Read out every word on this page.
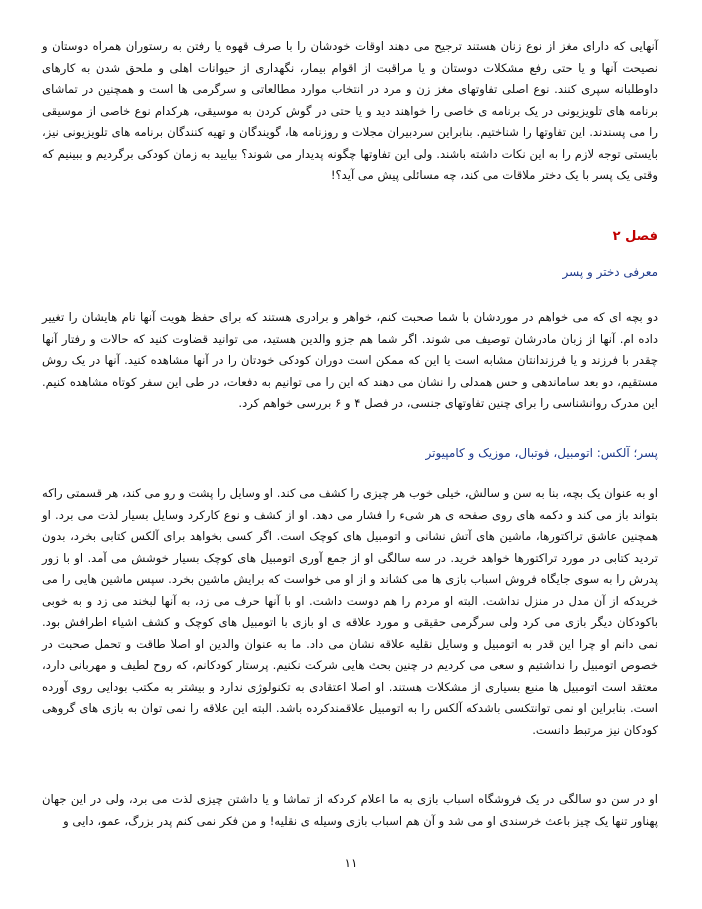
آنهایی که دارای مغز از نوع زنان هستند ترجیح می دهند اوقات خودشان را با صرف قهوه یا رفتن به رستوران همراه دوستان و نصیحت آنها و یا حتی رفع مشکلات دوستان و یا مراقبت از اقوام بیمار، نگهداری از حیوانات اهلی و ملحق شدن به کارهای داوطلبانه سپری کنند. نوع اصلی تفاوتهای مغز زن و مرد در انتخاب موارد مطالعاتی و سرگرمی ها است و همچنین در تماشای برنامه های تلویزیونی در یک برنامه ی خاصی را خواهند دید و یا حتی در گوش کردن به موسیقی، هرکدام نوع خاصی از موسیقی را می پسندند. این تفاوتها را شناختیم. بنابراین سردبیران مجلات و روزنامه ها، گویندگان و تهیه کنندگان برنامه های تلویزیونی نیز، بایستی توجه لازم را به این نکات داشته باشند. ولی این تفاوتها چگونه پدیدار می شوند؟ بیایید به زمان کودکی برگردیم و ببینیم که وقتی یک پسر با یک دختر ملاقات می کند، چه مسائلی پیش می آید؟!

فصل ۲
معرفی دختر و پسر

دو بچه ای که می خواهم در موردشان با شما صحبت کنم، خواهر و برادری هستند که برای حفظ هویت آنها نام هایشان را تغییر داده ام. آنها از زبان مادرشان توصیف می شوند. اگر شما هم جزو والدین هستید، می توانید قضاوت کنید که حالات و رفتار آنها چقدر با فرزند و یا فرزندانتان مشابه است یا این که ممکن است دوران کودکی خودتان را در آنها مشاهده کنید. آنها در یک روش مستقیم، دو بعد ساماندهی و حس همدلی را نشان می دهند که این را می توانیم به دفعات، در طی این سفر کوتاه مشاهده کنیم. این مدرک روانشناسی را برای چنین تفاوتهای جنسی، در فصل ۴ و ۶ بررسی خواهم کرد.

پسر؛ آلکس: اتومبیل، فوتبال، موزیک و کامپیوتر

او به عنوان یک بچه، بنا به سن و سالش، خیلی خوب هر چیزی را کشف می کند. او وسایل را پشت و رو می کند، هر قسمتی راکه بتواند باز می کند و دکمه های روی صفحه ی هر شیء را فشار می دهد. او از کشف و نوع کارکرد وسایل بسیار لذت می برد. او همچنین عاشق تراکتورها، ماشین های آتش نشانی و اتومبیل های کوچک است. اگر کسی بخواهد برای آلکس کتابی بخرد، بدون تردید کتابی در مورد تراکتورها خواهد خرید. در سه سالگی او از جمع آوری اتومبیل های کوچک بسیار خوشش می آمد. او با زور پدرش را به سوی جایگاه فروش اسباب بازی ها می کشاند و از او می خواست که برایش ماشین بخرد. سپس ماشین هایی را می خریدکه از آن مدل در منزل نداشت. البته او مردم را هم دوست داشت. او با آنها حرف می زد، به آنها لبخند می زد و به خوبی باکودکان دیگر بازی می کرد ولی سرگرمی حقیقی و مورد علاقه ی او بازی با اتومبیل های کوچک و کشف اشیاء اطرافش بود. نمی دانم او چرا این قدر به اتومبیل و وسایل نقلیه علاقه نشان می داد. ما به عنوان والدین او اصلا طاقت و تحمل صحبت در خصوص اتومبیل را نداشتیم و سعی می کردیم در چنین بحث هایی شرکت نکنیم. پرستار کودکانم، که روح لطیف و مهربانی دارد، معتقد است اتومبیل ها منبع بسیاری از مشکلات هستند. او اصلا اعتقادی به تکنولوژی ندارد و بیشتر به مکتب بودایی روی آورده است. بنابراین او نمی توانتکسی باشدکه آلکس را به اتومبیل علاقمندکرده باشد. البته این علاقه را نمی توان به بازی های گروهی کودکان نیز مرتبط دانست.

او در سن دو سالگی در یک فروشگاه اسباب بازی به ما اعلام کردکه از تماشا و یا داشتن چیزی لذت می برد، ولی در این جهان پهناور تنها یک چیز باعث خرسندی او می شد و آن هم اسباب بازی وسیله ی نقلیه! و من فکر نمی کنم پدر بزرگ، عمو، دایی و

۱۱
